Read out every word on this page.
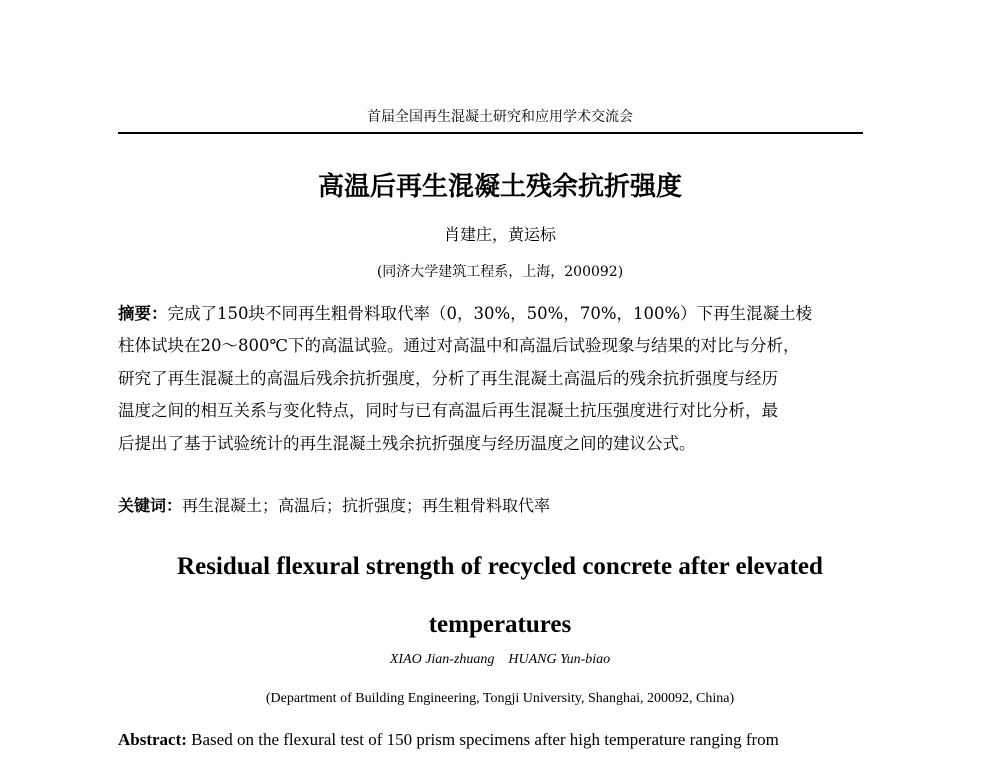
首届全国再生混凝土研究和应用学术交流会
高温后再生混凝土残余抗折强度
肖建庄，黄运标
(同济大学建筑工程系，上海，200092)
摘要：完成了150块不同再生粗骨料取代率（0，30%，50%，70%，100%）下再生混凝土棱
柱体试块在20～800℃下的高温试验。通过对高温中和高温后试验现象与结果的对比与分析，
研究了再生混凝土的高温后残余抗折强度，分析了再生混凝土高温后的残余抗折强度与经历
温度之间的相互关系与变化特点，同时与已有高温后再生混凝土抗压强度进行对比分析，最
后提出了基于试验统计的再生混凝土残余抗折强度与经历温度之间的建议公式。
关键词：再生混凝土；高温后；抗折强度；再生粗骨料取代率
Residual flexural strength of recycled concrete after elevated
temperatures
XIAO Jian-zhuang    HUANG Yun-biao
(Department of Building Engineering, Tongji University, Shanghai, 200092, China)
Abstract: Based on the flexural test of 150 prism specimens after high temperature ranging from
